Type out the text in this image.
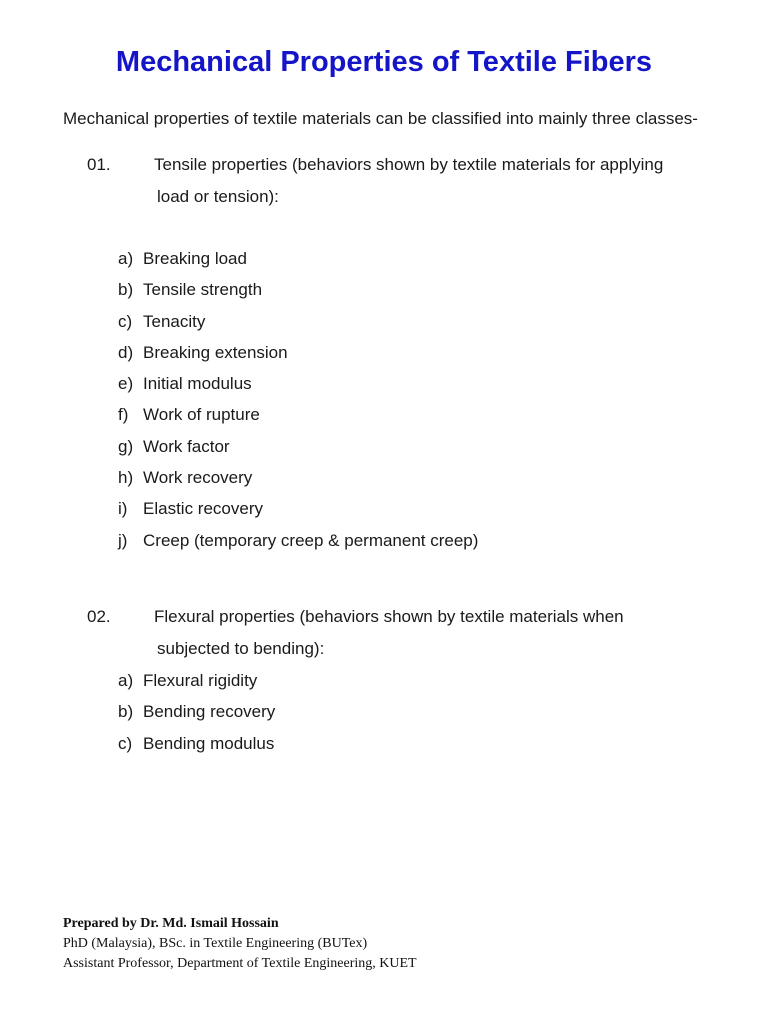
Mechanical Properties of Textile Fibers

Mechanical properties of textile materials can be classified into mainly three classes-

01.	Tensile properties (behaviors shown by textile materials for applying
load or tension):

a) Breaking load
b) Tensile strength
c) Tenacity
d) Breaking extension
e) Initial modulus
f) Work of rupture
g) Work factor
h) Work recovery
i) Elastic recovery
j) Creep (temporary creep & permanent creep)

02.	Flexural properties (behaviors shown by textile materials when
subjected to bending):

a) Flexural rigidity
b) Bending recovery
c) Bending modulus
Prepared by Dr. Md. Ismail Hossain
PhD (Malaysia), BSc. in Textile Engineering (BUTex)
Assistant Professor, Department of Textile Engineering, KUET
